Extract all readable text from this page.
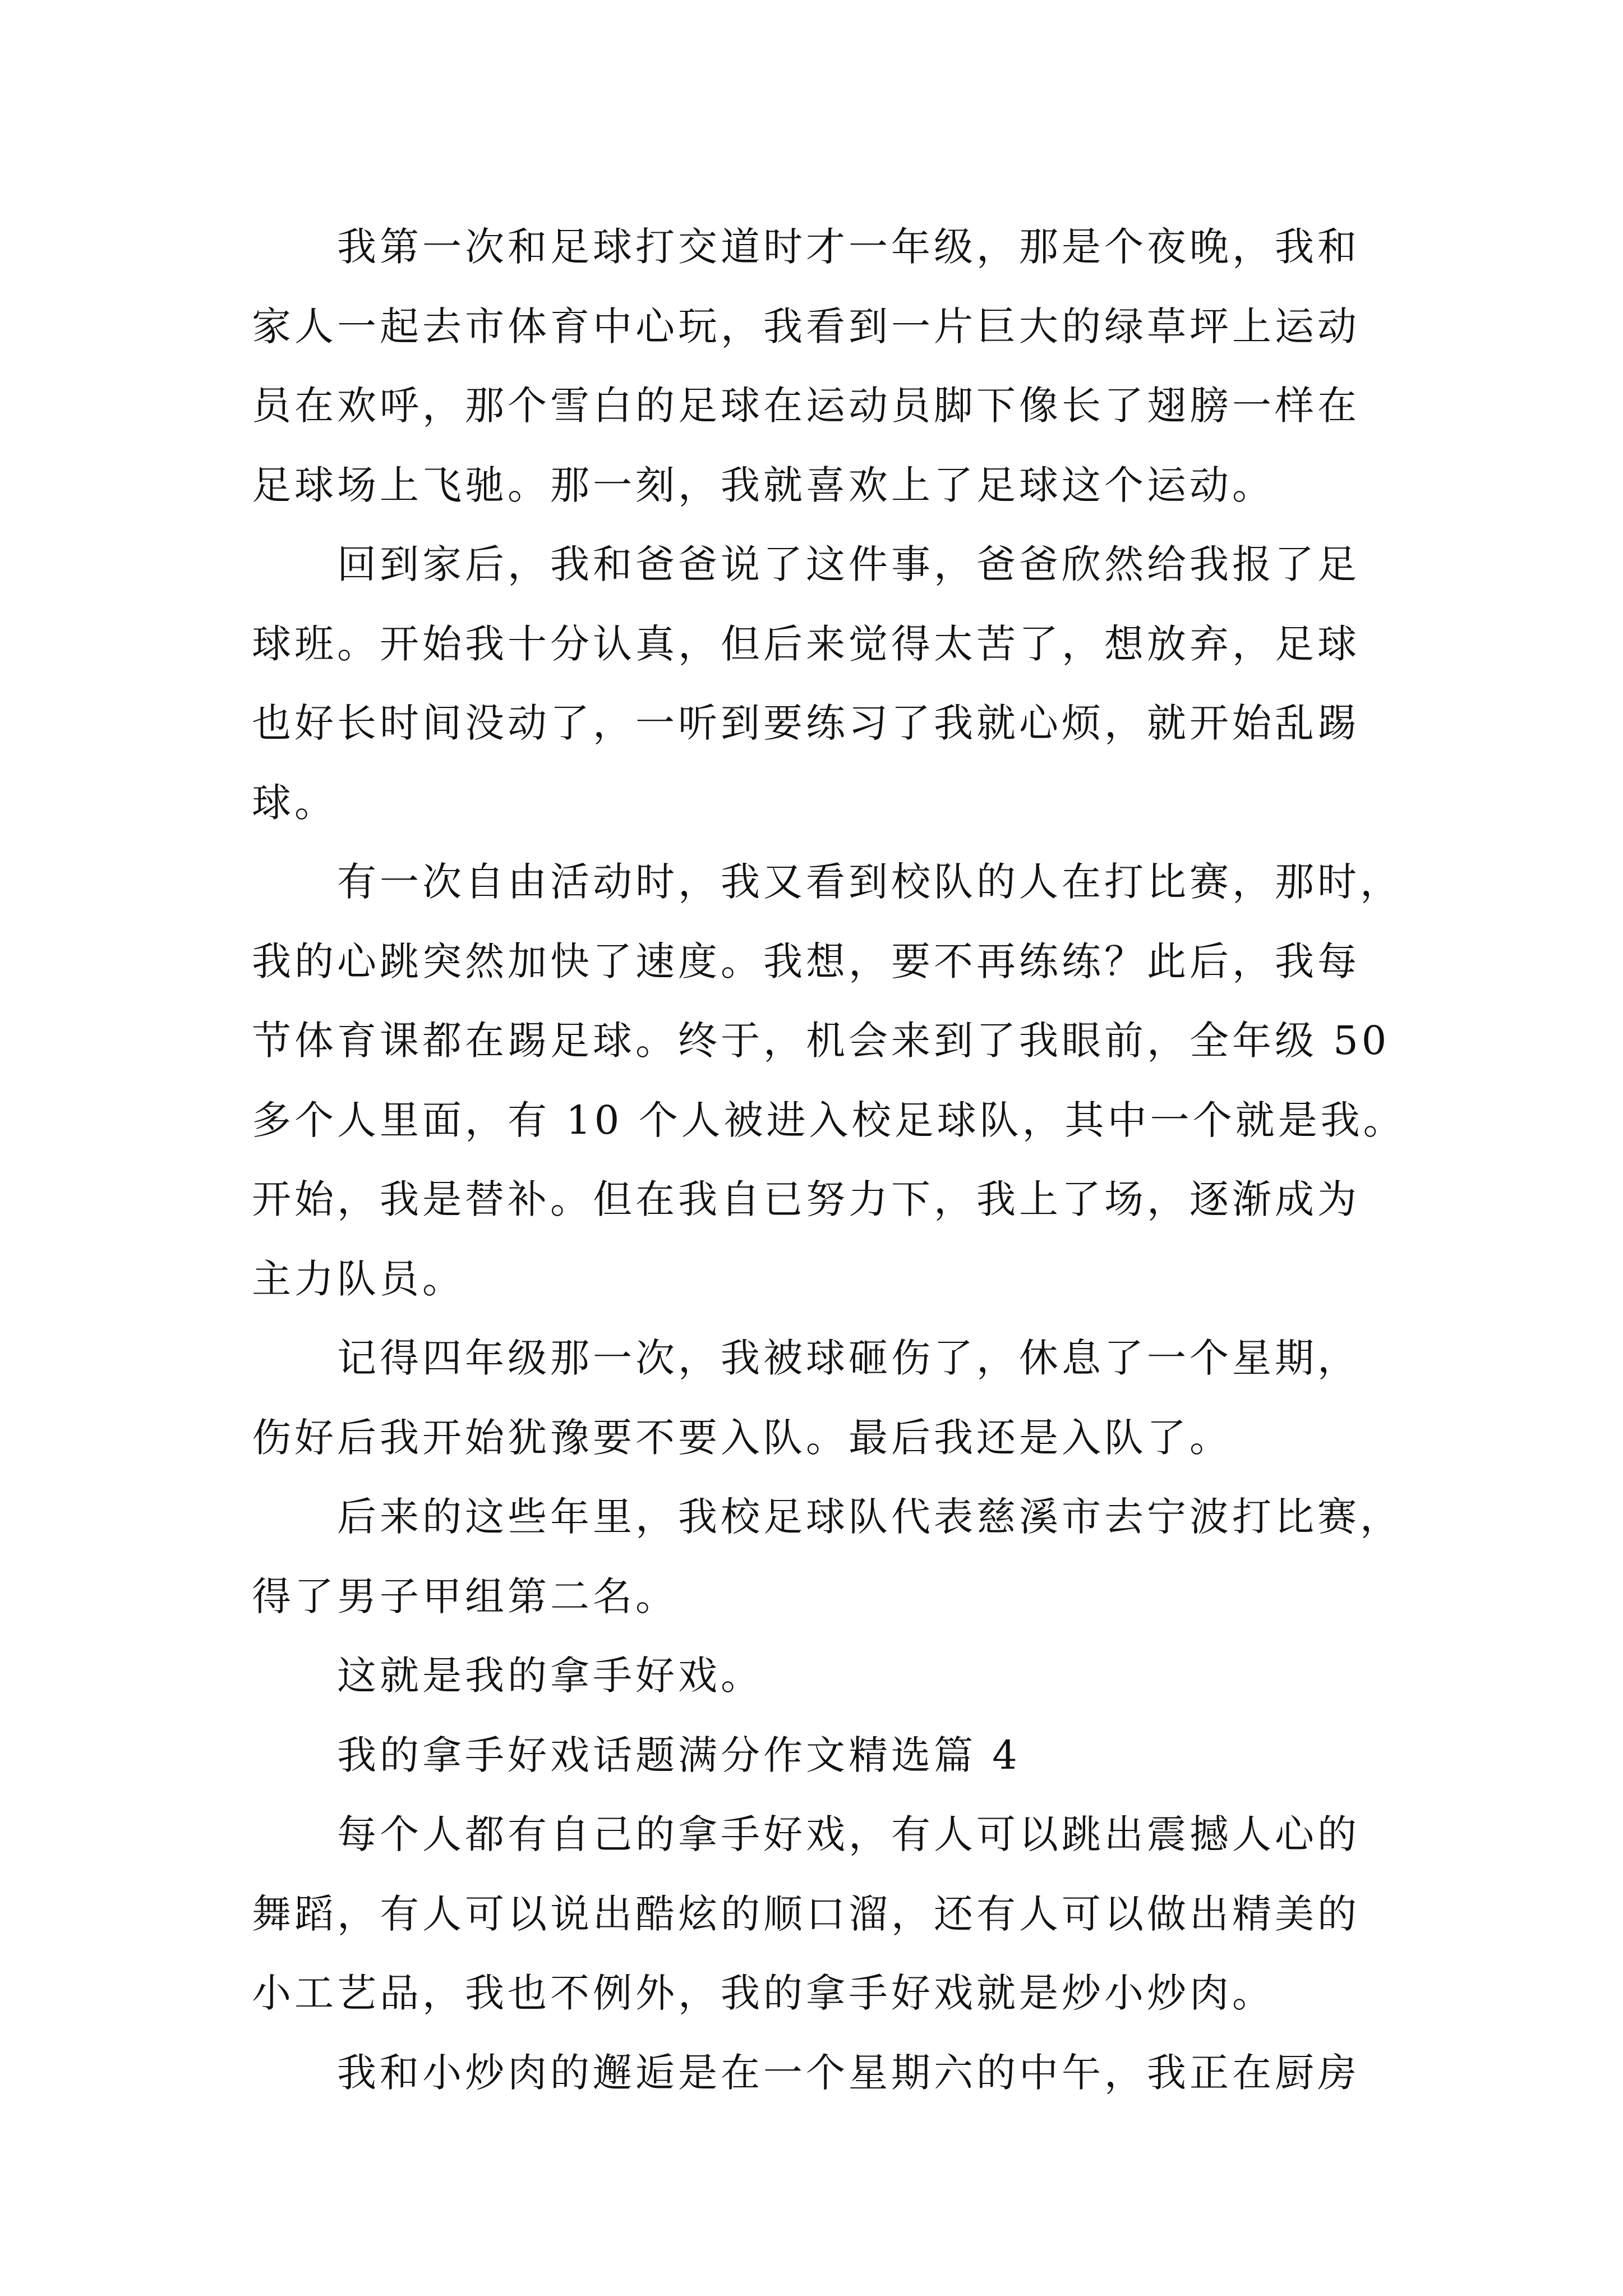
我第一次和足球打交道时才一年级，那是个夜晚，我和
家人一起去市体育中心玩，我看到一片巨大的绿草坪上运动
员在欢呼，那个雪白的足球在运动员脚下像长了翅膀一样在
足球场上飞驰。那一刻，我就喜欢上了足球这个运动。
回到家后，我和爸爸说了这件事，爸爸欣然给我报了足
球班。开始我十分认真，但后来觉得太苦了，想放弃，足球
也好长时间没动了，一听到要练习了我就心烦，就开始乱踢
球。
有一次自由活动时，我又看到校队的人在打比赛，那时，
我的心跳突然加快了速度。我想，要不再练练？此后，我每
节体育课都在踢足球。终于，机会来到了我眼前，全年级 50
多个人里面，有 10 个人被进入校足球队，其中一个就是我。
开始，我是替补。但在我自已努力下，我上了场，逐渐成为
主力队员。
记得四年级那一次，我被球砸伤了，休息了一个星期，
伤好后我开始犹豫要不要入队。最后我还是入队了。
后来的这些年里，我校足球队代表慈溪市去宁波打比赛，
得了男子甲组第二名。
这就是我的拿手好戏。
我的拿手好戏话题满分作文精选篇 4
每个人都有自己的拿手好戏，有人可以跳出震撼人心的
舞蹈，有人可以说出酷炫的顺口溜，还有人可以做出精美的
小工艺品，我也不例外，我的拿手好戏就是炒小炒肉。
我和小炒肉的邂逅是在一个星期六的中午，我正在厨房
